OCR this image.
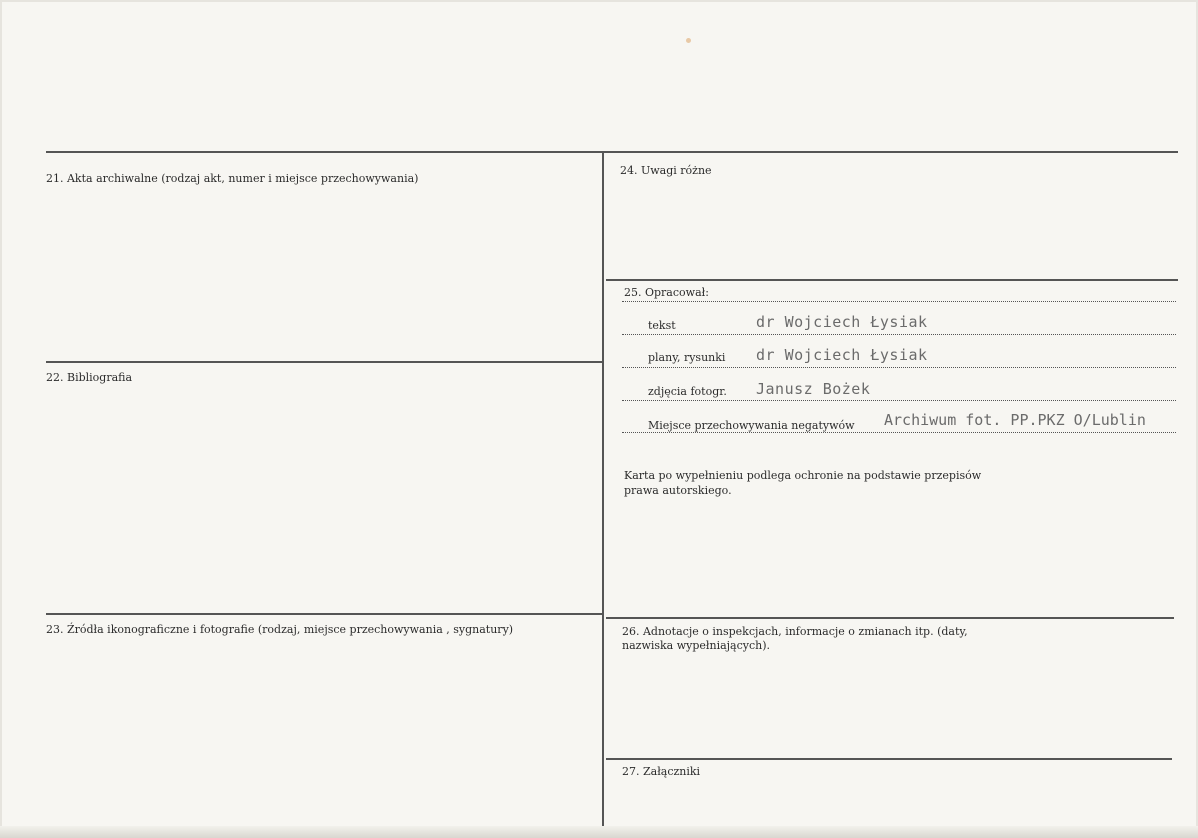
21. Akta archiwalne (rodzaj akt, numer i miejsce przechowywania)
22. Bibliografia
23. Źródła ikonograficzne i fotografie (rodzaj, miejsce przechowywania , sygnatury)
24. Uwagi różne
25. Opracował:
tekst	dr Wojciech Łysiak
plany, rysunki dr Wojciech Łysiak
zdjęcia fotogr. Janusz Bożek
Miejsce przechowywania negatywów Archiwum fot. PP.PKZ O/Lublin
Karta po wypełnieniu podlega ochronie na podstawie przepisów
prawa autorskiego.
26. Adnotacje o inspekcjach, informacje o zmianach itp. (daty,
nazwiska wypełniających).
27. Załączniki
